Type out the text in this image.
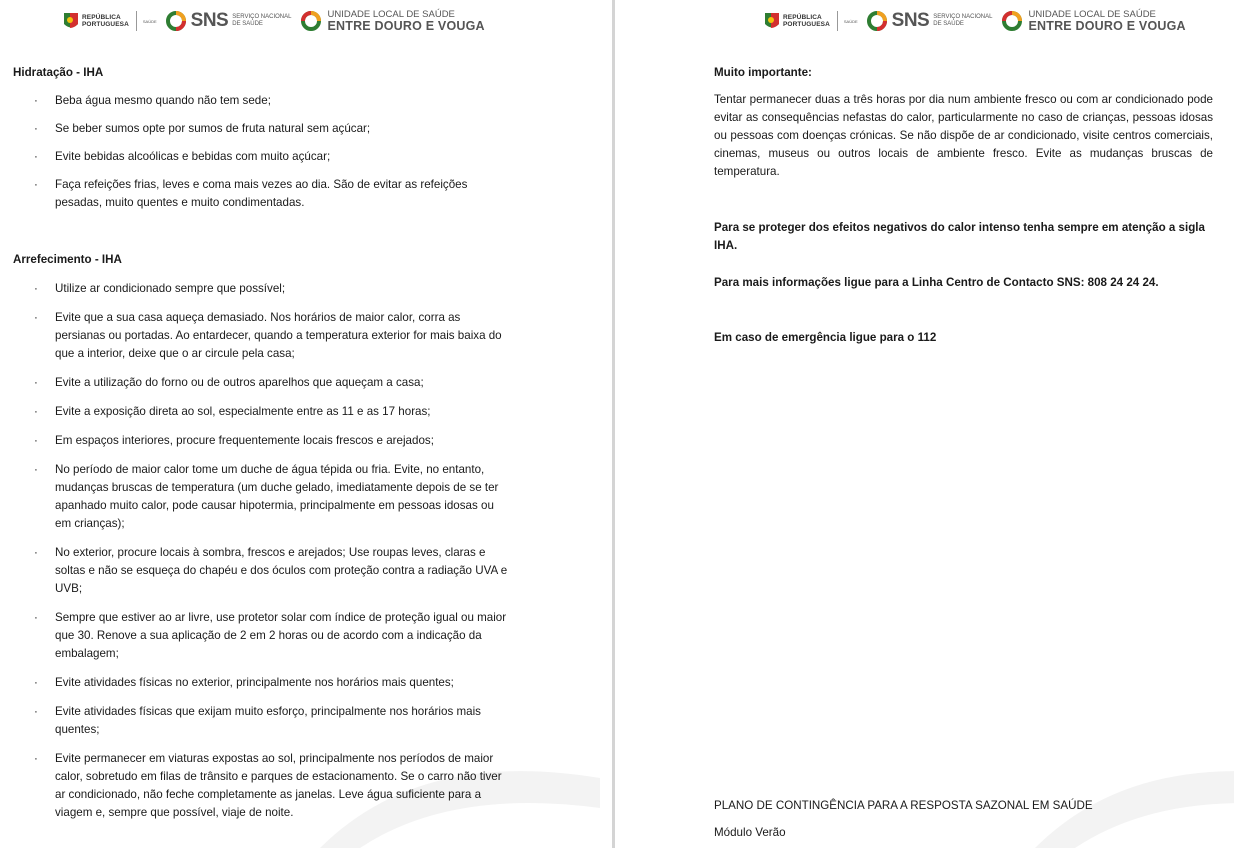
REPÚBLICA
PORTUGUESA	SAÚDE SNS SERVIÇO NACIONAL
DE SAÚDE
UNIDADE LOCAL DE SAÚDE
ENTRE DOURO E VOUGA

Hidratação - IHA

· Beba água mesmo quando não tem sede;
· Se beber sumos opte por sumos de fruta natural sem açúcar;
· Evite bebidas alcoólicas e bebidas com muito açúcar;
· Faça refeições frias, leves e coma mais vezes ao dia. São de evitar as refeições pesadas, muito quentes e muito condimentadas.

Arrefecimento - IHA

· Utilize ar condicionado sempre que possível;
· Evite que a sua casa aqueça demasiado. Nos horários de maior calor, corra as persianas ou portadas. Ao entardecer, quando a temperatura exterior for mais baixa do que a interior, deixe que o ar circule pela casa;
· Evite a utilização do forno ou de outros aparelhos que aqueçam a casa;
· Evite a exposição direta ao sol, especialmente entre as 11 e as 17 horas;
· Em espaços interiores, procure frequentemente locais frescos e arejados;
· No período de maior calor tome um duche de água tépida ou fria. Evite, no entanto, mudanças bruscas de temperatura (um duche gelado, imediatamente depois de se ter apanhado muito calor, pode causar hipotermia, principalmente em pessoas idosas ou em crianças);
· No exterior, procure locais à sombra, frescos e arejados; Use roupas leves, claras e soltas e não se esqueça do chapéu e dos óculos com proteção contra a radiação UVA e UVB;
· Sempre que estiver ao ar livre, use protetor solar com índice de proteção igual ou maior que 30. Renove a sua aplicação de 2 em 2 horas ou de acordo com a indicação da embalagem;
· Evite atividades físicas no exterior, principalmente nos horários mais quentes;
· Evite atividades físicas que exijam muito esforço, principalmente nos horários mais quentes;
· Evite permanecer em viaturas expostas ao sol, principalmente nos períodos de maior calor, sobretudo em filas de trânsito e parques de estacionamento. Se o carro não tiver ar condicionado, não feche completamente as janelas. Leve água suficiente para a viagem e, sempre que possível, viaje de noite.
REPÚBLICA
PORTUGUESA	SAÚDE SNS SERVIÇO NACIONAL
DE SAÚDE
UNIDADE LOCAL DE SAÚDE
ENTRE DOURO E VOUGA

Muito importante:

Tentar permanecer duas a três horas por dia num ambiente fresco ou com ar condicionado pode evitar as consequências nefastas do calor, particularmente no caso de crianças, pessoas idosas ou pessoas com doenças crónicas. Se não dispõe de ar condicionado, visite centros comerciais, cinemas, museus ou outros locais de ambiente fresco. Evite as mudanças bruscas de temperatura.

Para se proteger dos efeitos negativos do calor intenso tenha sempre em atenção a sigla IHA.

Para mais informações ligue para a Linha Centro de Contacto SNS: 808 24 24 24.

Em caso de emergência ligue para o 112

PLANO DE CONTINGÊNCIA PARA A RESPOSTA SAZONAL EM SAÚDE

Módulo Verão
